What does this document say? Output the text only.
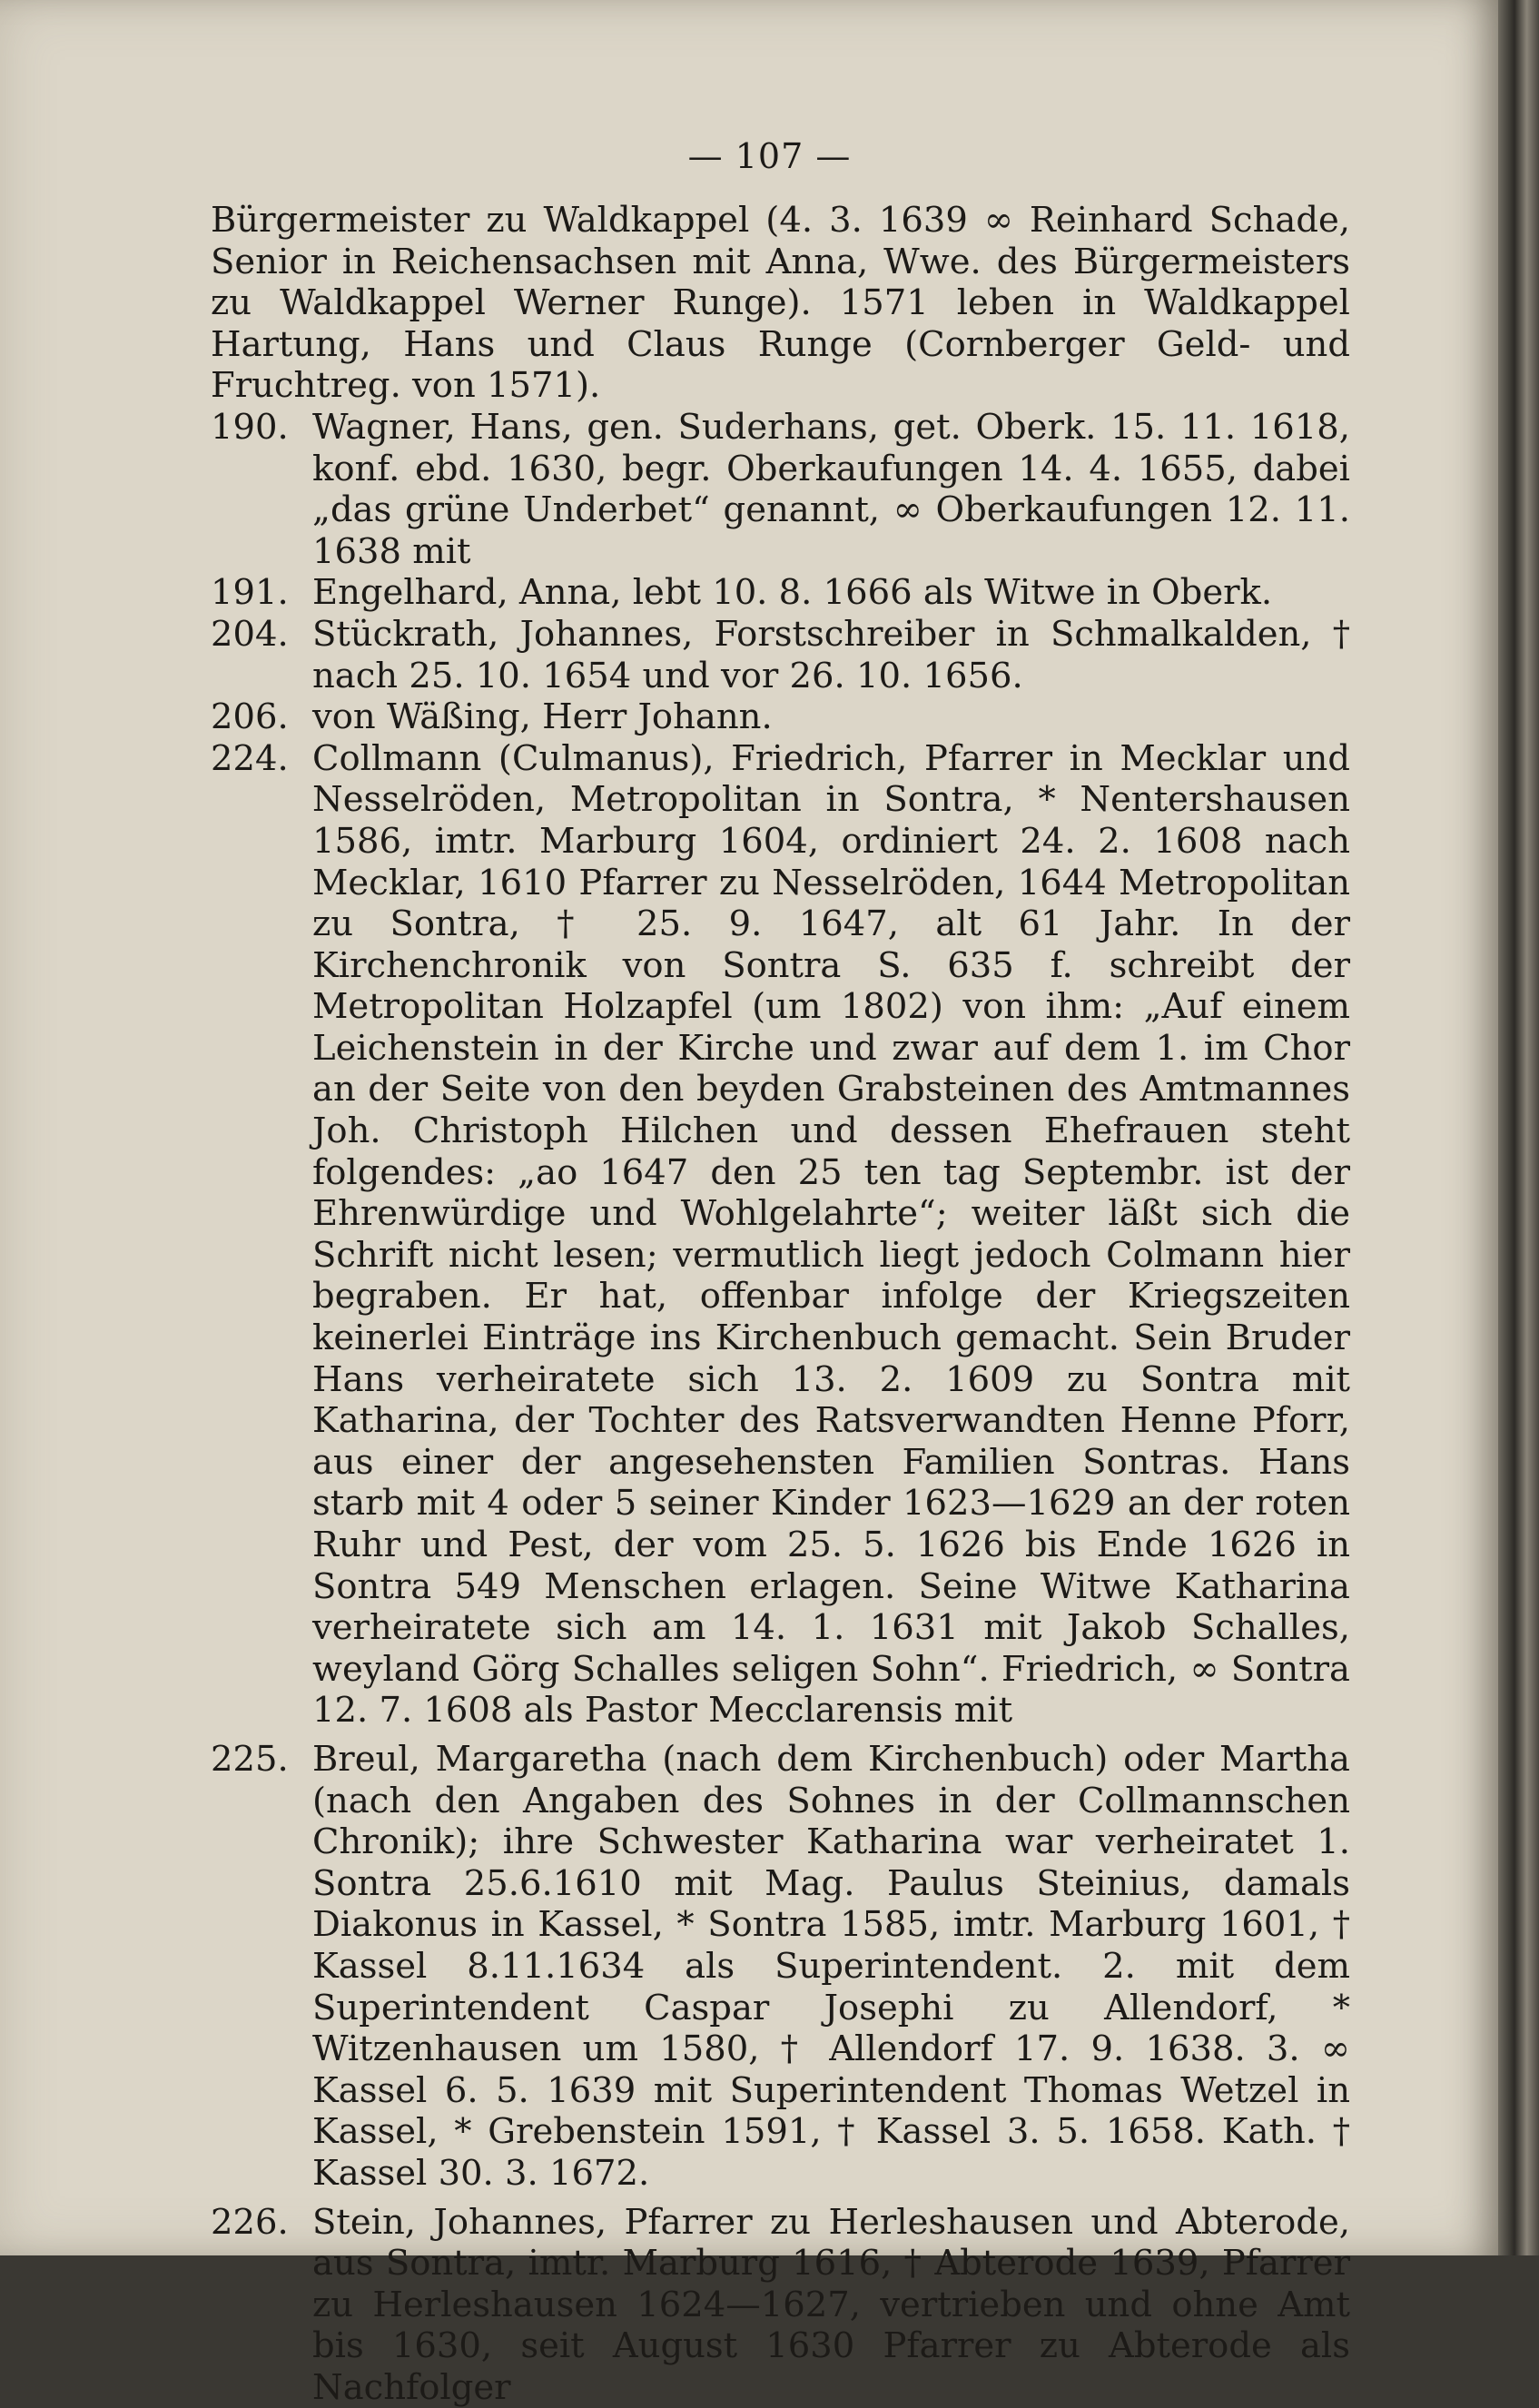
— 107 —

Bürgermeister zu Waldkappel (4. 3. 1639 ∞ Reinhard Schade, Senior in Reichensachsen mit Anna, Wwe. des Bürgermeisters zu Waldkappel Werner Runge). 1571 leben in Waldkappel Hartung, Hans und Claus Runge (Cornberger Geld- und Fruchtreg. von 1571).

190. Wagner, Hans, gen. Suderhans, get. Oberk. 15. 11. 1618, konf. ebd. 1630, begr. Oberkaufungen 14. 4. 1655, dabei „das grüne Underbet“ genannt, ∞ Oberkaufungen 12. 11. 1638 mit
191. Engelhard, Anna, lebt 10. 8. 1666 als Witwe in Oberk.
204. Stückrath, Johannes, Forstschreiber in Schmalkalden, † nach 25. 10. 1654 und vor 26. 10. 1656.
206. von Wäßing, Herr Johann.
224. Collmann (Culmanus), Friedrich, Pfarrer in Mecklar und Nesselröden, Metropolitan in Sontra, * Nentershausen 1586, imtr. Marburg 1604, ordiniert 24. 2. 1608 nach Mecklar, 1610 Pfarrer zu Nesselröden, 1644 Metropolitan zu Sontra, † 25. 9. 1647, alt 61 Jahr. In der Kirchenchronik von Sontra S. 635 f. schreibt der Metropolitan Holzapfel (um 1802) von ihm: „Auf einem Leichenstein in der Kirche und zwar auf dem 1. im Chor an der Seite von den beyden Grabsteinen des Amtmannes Joh. Christoph Hilchen und dessen Ehefrauen steht folgendes: „ao 1647 den 25 ten tag Septembr. ist der Ehrenwürdige und Wohlgelahrte“; weiter läßt sich die Schrift nicht lesen; vermutlich liegt jedoch Colmann hier begraben. Er hat, offenbar infolge der Kriegszeiten keinerlei Einträge ins Kirchenbuch gemacht. Sein Bruder Hans verheiratete sich 13. 2. 1609 zu Sontra mit Katharina, der Tochter des Ratsverwandten Henne Pforr, aus einer der angesehensten Familien Sontras. Hans starb mit 4 oder 5 seiner Kinder 1623—1629 an der roten Ruhr und Pest, der vom 25. 5. 1626 bis Ende 1626 in Sontra 549 Menschen erlagen. Seine Witwe Katharina verheiratete sich am 14. 1. 1631 mit Jakob Schalles, weyland Görg Schalles seligen Sohn“. Friedrich, ∞ Sontra 12. 7. 1608 als Pastor Mecclarensis mit
225. Breul, Margaretha (nach dem Kirchenbuch) oder Martha (nach den Angaben des Sohnes in der Collmannschen Chronik); ihre Schwester Katharina war verheiratet 1. Sontra 25.6.1610 mit Mag. Paulus Steinius, damals Diakonus in Kassel, * Sontra 1585, imtr. Marburg 1601, † Kassel 8.11.1634 als Superintendent. 2. mit dem Superintendent Caspar Josephi zu Allendorf, * Witzenhausen um 1580, † Allendorf 17. 9. 1638. 3. ∞ Kassel 6. 5. 1639 mit Superintendent Thomas Wetzel in Kassel, * Grebenstein 1591, † Kassel 3. 5. 1658. Kath. † Kassel 30. 3. 1672.
226. Stein, Johannes, Pfarrer zu Herleshausen und Abterode, aus Sontra, imtr. Marburg 1616, † Abterode 1639, Pfarrer zu Herleshausen 1624—1627, vertrieben und ohne Amt bis 1630, seit August 1630 Pfarrer zu Abterode als Nachfolger
